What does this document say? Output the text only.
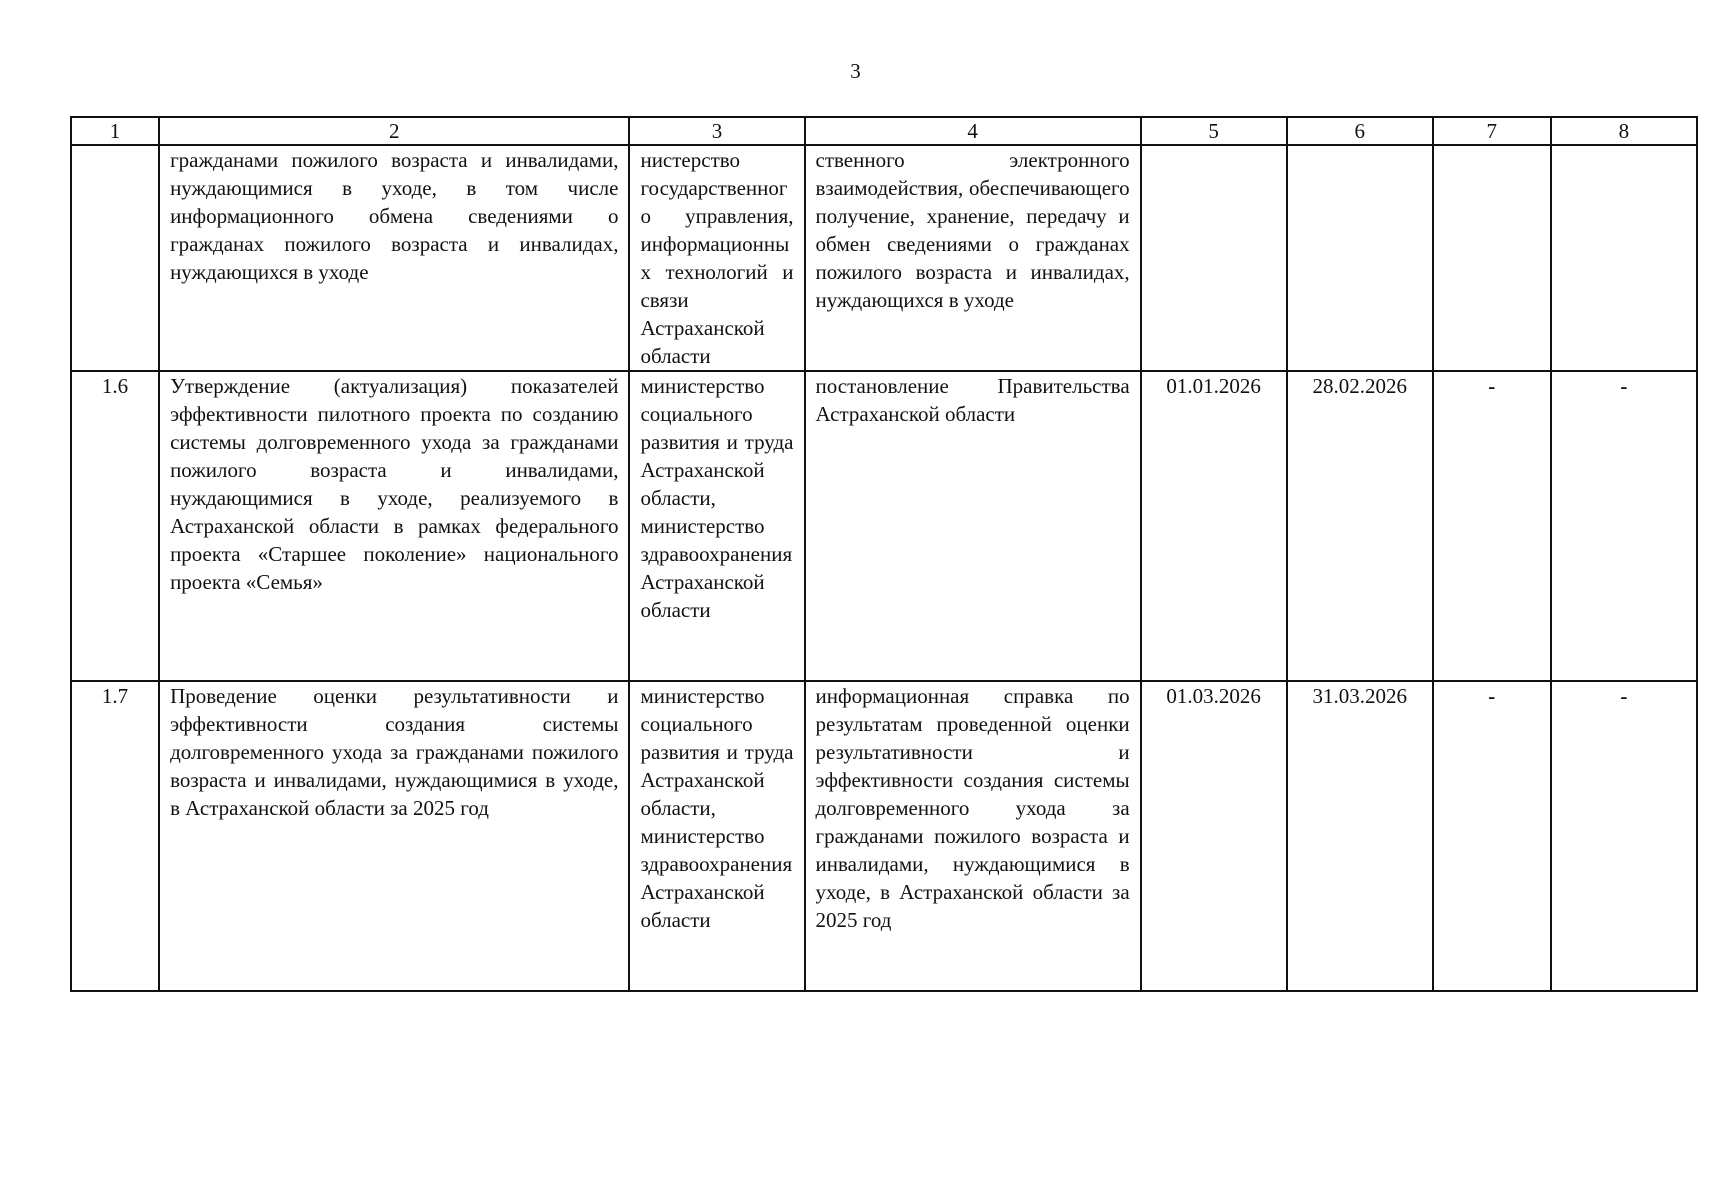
3
1	2	3	4	5	6	7	8
	гражданами пожилого возраста и инвалидами, нуждающимися в уходе, в том числе информационного обмена сведениями о гражданах пожилого возраста и инвалидах, нуждающихся в уходе	нистерство государственного управления, информационных технологий и связи Астраханской области	ственного электронного взаимодействия, обеспечивающего получение, хранение, передачу и обмен сведениями о гражданах пожилого возраста и инвалидах, нуждающихся в уходе				
1.6	Утверждение (актуализация) показателей эффективности пилотного проекта по созданию системы долговременного ухода за гражданами пожилого возраста и инвалидами, нуждающимися в уходе, реализуемого в Астраханской области в рамках федерального проекта «Старшее поколение» национального проекта «Семья»	министерство социального развития и труда Астраханской области, министерство здравоохранения Астраханской области	постановление Правительства Астраханской области	01.01.2026	28.02.2026	-	-
1.7	Проведение оценки результативности и эффективности создания системы долговременного ухода за гражданами пожилого возраста и инвалидами, нуждающимися в уходе, в Астраханской области за 2025 год	министерство социального развития и труда Астраханской области, министерство здравоохранения Астраханской области	информационная справка по результатам проведенной оценки результативности и эффективности создания системы долговременного ухода за гражданами пожилого возраста и инвалидами, нуждающимися в уходе, в Астраханской области за 2025 год	01.03.2026	31.03.2026	-	-
